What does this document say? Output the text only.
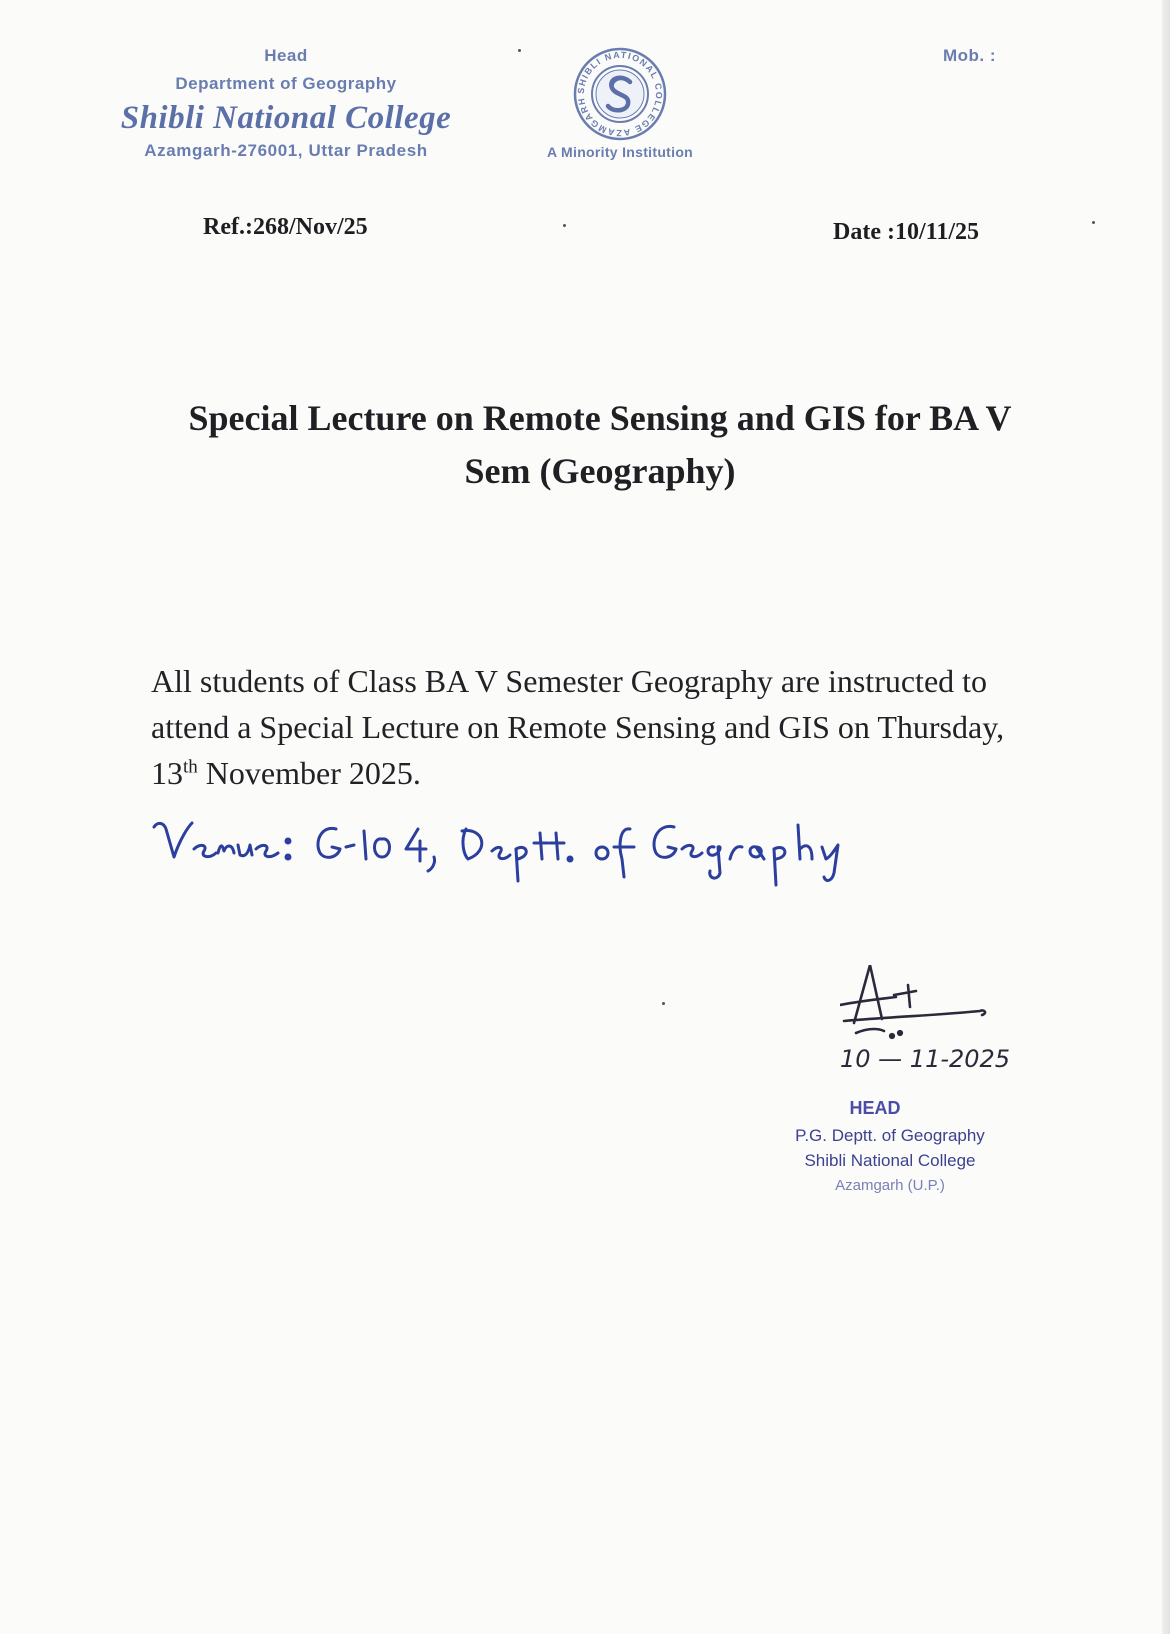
Head
Department of Geography
Shibli National College
Azamgarh-276001, Uttar Pradesh
SHIBLI NATIONAL COLLEGE AZAMGARH
A Minority Institution
Mob. :
Ref.:268/Nov/25	Date :10/11/25
Special Lecture on Remote Sensing and GIS for BA V
Sem (Geography)
All students of Class BA V Semester Geography are instructed to attend a Special Lecture on Remote Sensing and GIS on Thursday, 13th November 2025.
Venue: G-104, Deptt. of Geography
10 — 11-2025
HEAD
P.G. Deptt. of Geography
Shibli National College
Azamgarh (U.P.)
